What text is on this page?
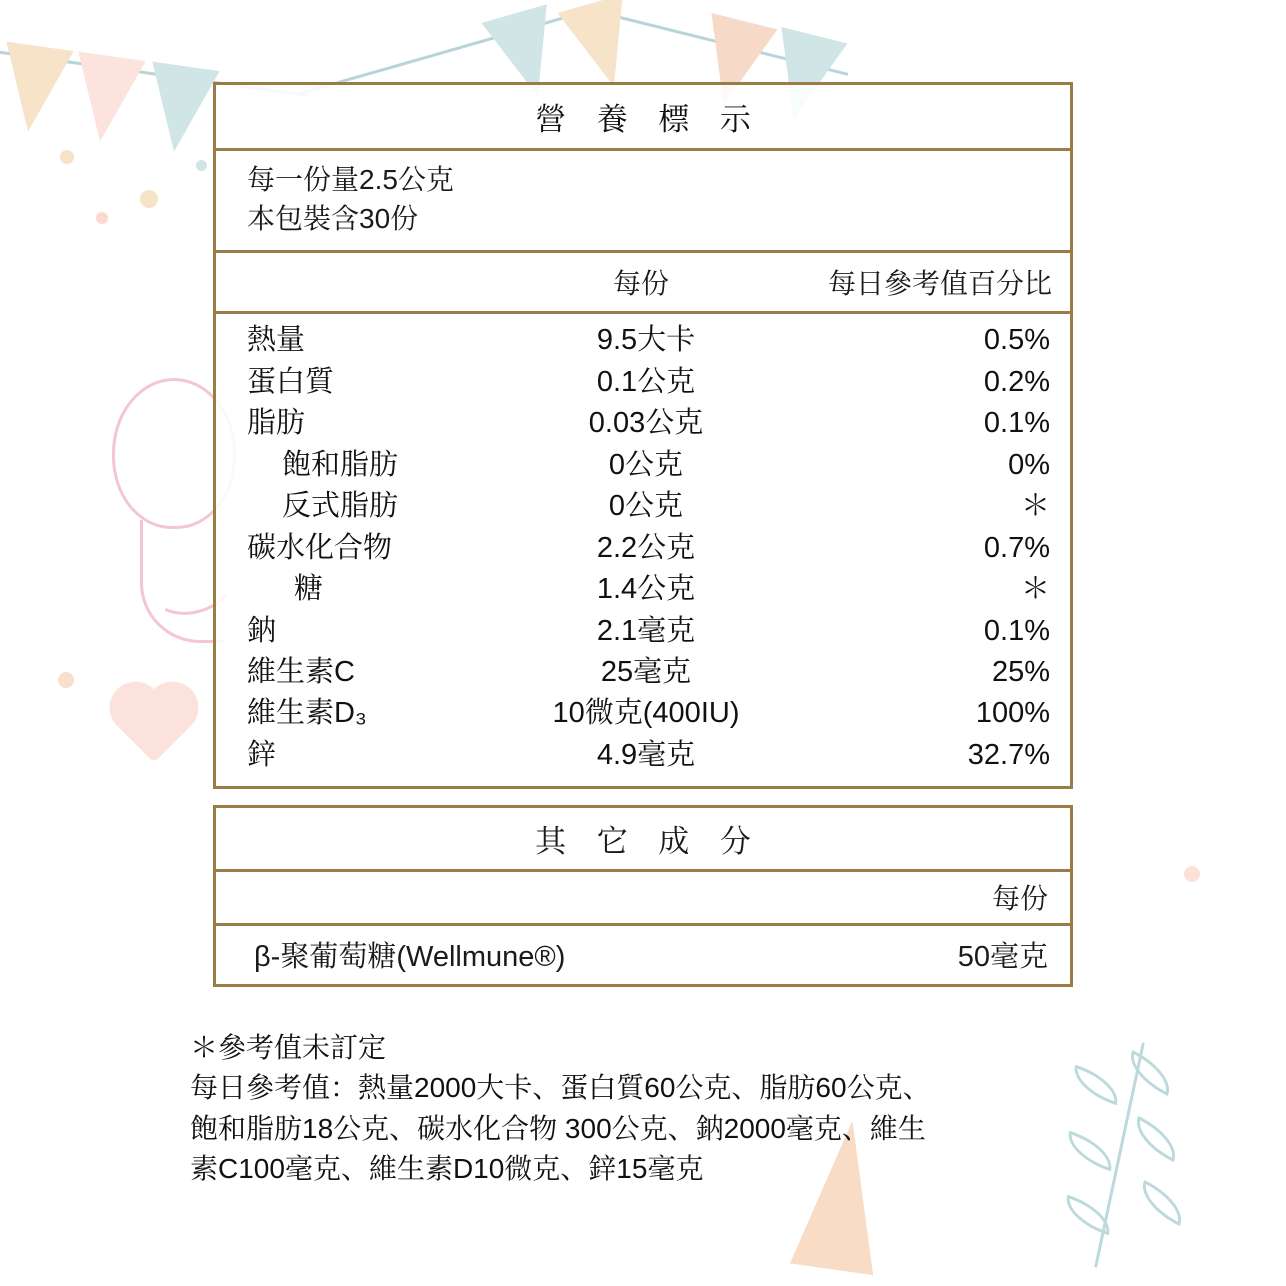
營 養 標 示
每一份量2.5公克
本包裝含30份
每份	每日參考值百分比
熱量	9.5大卡	0.5%
蛋白質	0.1公克	0.2%
脂肪	0.03公克	0.1%
飽和脂肪	0公克	0%
反式脂肪	0公克	＊
碳水化合物	2.2公克	0.7%
糖	1.4公克	＊
鈉	2.1毫克	0.1%
維生素C	25毫克	25%
維生素D₃	10微克(400IU)	100%
鋅	4.9毫克	32.7%
其 它 成 分
每份
β-聚葡萄糖(Wellmune®)	50毫克
＊參考值未訂定
每日參考值：熱量2000大卡、蛋白質60公克、脂肪60公克、
飽和脂肪18公克、碳水化合物 300公克、鈉2000毫克、維生
素C100毫克、維生素D10微克、鋅15毫克
